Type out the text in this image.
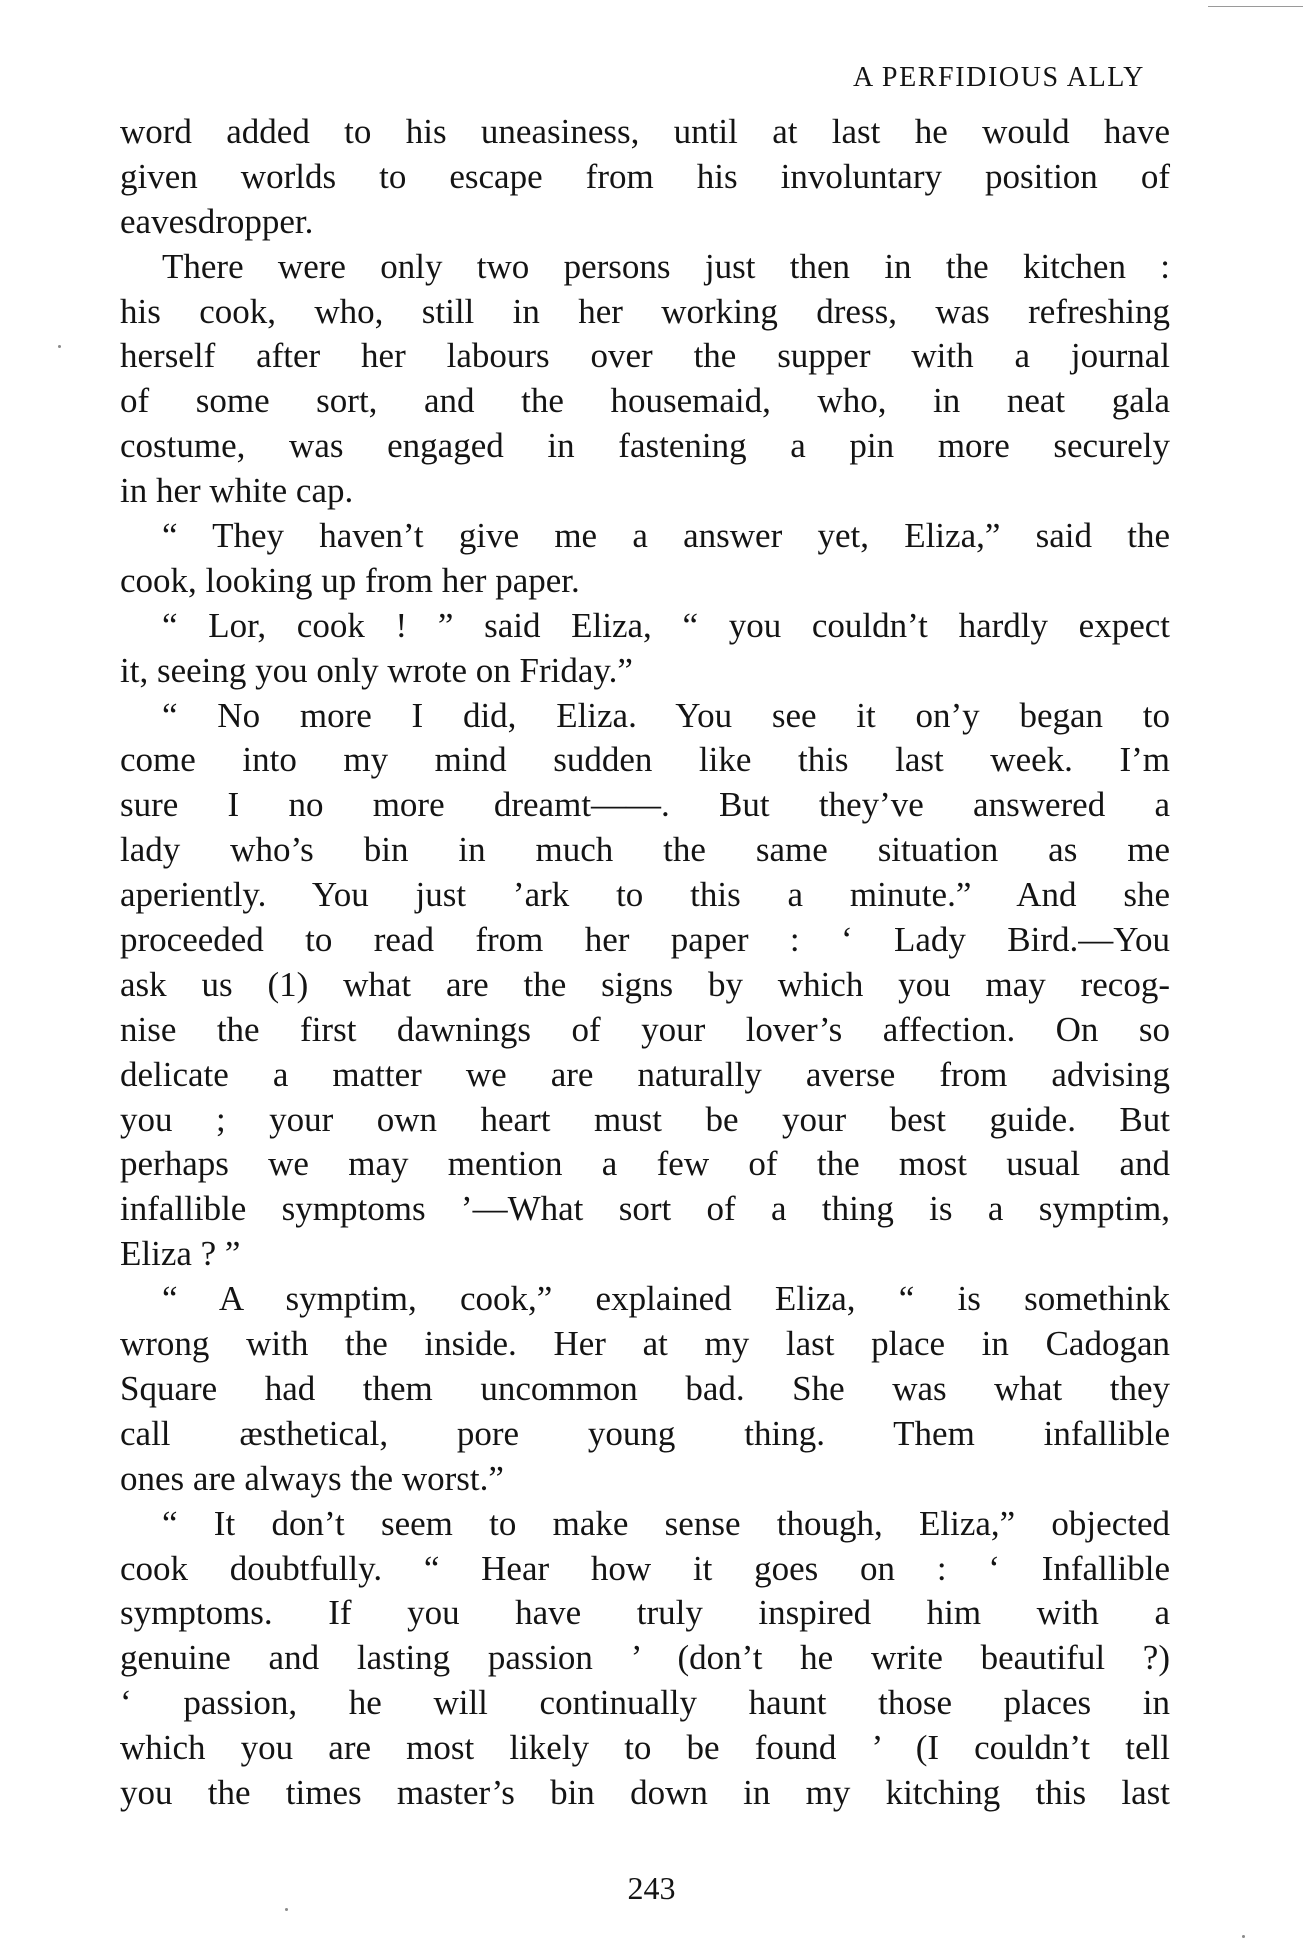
A PERFIDIOUS ALLY
word added to his uneasiness, until at last he would have
given worlds to escape from his involuntary position of
eavesdropper.
There were only two persons just then in the kitchen :
his cook, who, still in her working dress, was refreshing
herself after her labours over the supper with a journal
of some sort, and the housemaid, who, in neat gala
costume, was engaged in fastening a pin more securely
in her white cap.
“ They haven’t give me a answer yet, Eliza,” said the
cook, looking up from her paper.
“ Lor, cook ! ” said Eliza, “ you couldn’t hardly expect
it, seeing you only wrote on Friday.”
“ No more I did, Eliza. You see it on’y began to
come into my mind sudden like this last week. I’m
sure I no more dreamt——. But they’ve answered a
lady who’s bin in much the same situation as me
aperiently. You just ’ark to this a minute.” And she
proceeded to read from her paper : ‘ Lady Bird.—You
ask us (1) what are the signs by which you may recog-
nise the first dawnings of your lover’s affection. On so
delicate a matter we are naturally averse from advising
you ; your own heart must be your best guide. But
perhaps we may mention a few of the most usual and
infallible symptoms ’—What sort of a thing is a symptim,
Eliza ? ”
“ A symptim, cook,” explained Eliza, “ is somethink
wrong with the inside. Her at my last place in Cadogan
Square had them uncommon bad. She was what they
call æsthetical, pore young thing. Them infallible
ones are always the worst.”
“ It don’t seem to make sense though, Eliza,” objected
cook doubtfully. “ Hear how it goes on : ‘ Infallible
symptoms. If you have truly inspired him with a
genuine and lasting passion ’ (don’t he write beautiful ?)
‘ passion, he will continually haunt those places in
which you are most likely to be found ’ (I couldn’t tell
you the times master’s bin down in my kitching this last
243
